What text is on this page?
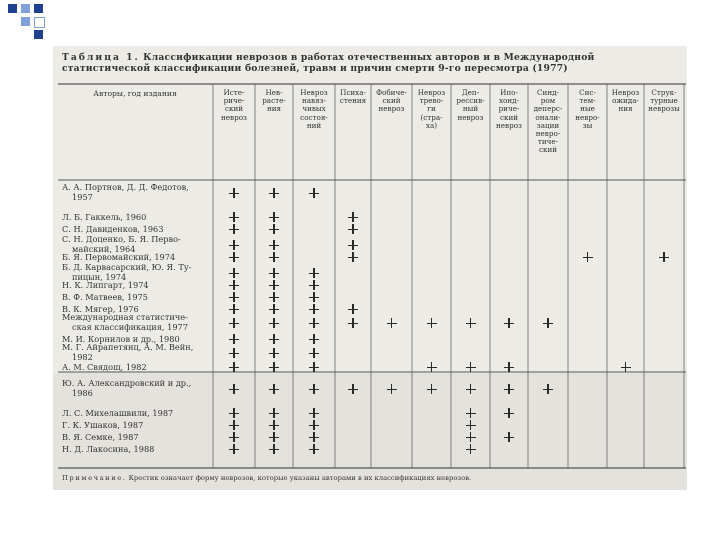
Таблица 1. Классификации неврозов в работах отечественных авторов и в Международной статистической классификации болезней, травм и причин смерти 9-го пересмотра (1977)
Авторы, год издания	Исте-
риче-
ский
невроз
Нев-
расте-
ния
Невроз
навяз-
чивых
состоя-
ний
Психа-
стения
Фобиче-
ский
невроз
Невроз
трево-
ги
(стра-
ха)
Деп-
рессив-
ный
невроз
Ипо-
хонд-
риче-
ский
невроз
Синд-
ром
деперс-
онали-
зации
невро-
тиче-
ский
Сис-
тем-
ные
невро-
зы
Невроз
ожида-
ния
Струк-
турные
неврозы
А. А. Портнов, Д. Д. Федотов,
1957
Л. Б. Гаккель, 1960
С. Н. Давиденков, 1963
С. Н. Доценко, Б. Я. Перво-
майский, 1964
Б. Я. Первомайский, 1974
Б. Д. Карвасарский, Ю. Я. Ту-
пицын, 1974
Н. К. Липгарт, 1974
В. Ф. Матвеев, 1975
В. К. Мягер, 1976
Международная статистиче-
ская классификация, 1977
М. И. Корнилов и др., 1980
М. Г. Айрапетянц, А. М. Вейн,
1982
А. М. Свядощ, 1982
Ю. А. Александровский и др.,
1986
Л. С. Михелашвили, 1987
Г. К. Ушаков, 1987
В. Я. Семке, 1987
Н. Д. Лакосина, 1988
Примечание. Крестик означает форму неврозов, которые указаны авторами в их классификациях неврозов.
